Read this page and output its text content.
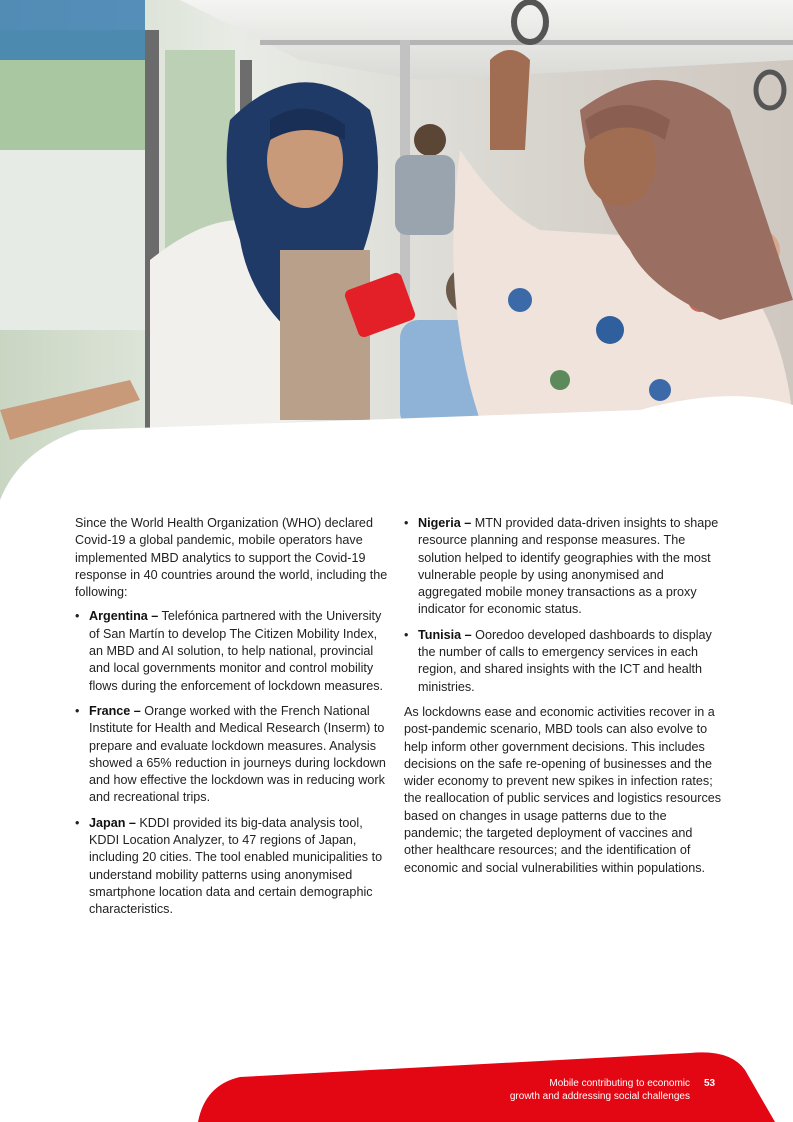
Since the World Health Organization (WHO) declared Covid-19 a global pandemic, mobile operators have implemented MBD analytics to support the Covid-19 response in 40 countries around the world, including the following:

• Argentina – Telefónica partnered with the University of San Martín to develop The Citizen Mobility Index, an MBD and AI solution, to help national, provincial and local governments monitor and control mobility flows during the enforcement of lockdown measures.
• France – Orange worked with the French National Institute for Health and Medical Research (Inserm) to prepare and evaluate lockdown measures. Analysis showed a 65% reduction in journeys during lockdown and how effective the lockdown was in reducing work and recreational trips.
• Japan – KDDI provided its big-data analysis tool, KDDI Location Analyzer, to 47 regions of Japan, including 20 cities. The tool enabled municipalities to understand mobility patterns using anonymised smartphone location data and certain demographic characteristics.
• Nigeria – MTN provided data-driven insights to shape resource planning and response measures. The solution helped to identify geographies with the most vulnerable people by using anonymised and aggregated mobile money transactions as a proxy indicator for economic status.
• Tunisia – Ooredoo developed dashboards to display the number of calls to emergency services in each region, and shared insights with the ICT and health ministries.

As lockdowns ease and economic activities recover in a post-pandemic scenario, MBD tools can also evolve to help inform other government decisions. This includes decisions on the safe re-opening of businesses and the wider economy to prevent new spikes in infection rates; the reallocation of public services and logistics resources based on changes in usage patterns due to the pandemic; the targeted deployment of vaccines and other healthcare resources; and the identification of economic and social vulnerabilities within populations.

Mobile contributing to economic
growth and addressing social challenges
53
